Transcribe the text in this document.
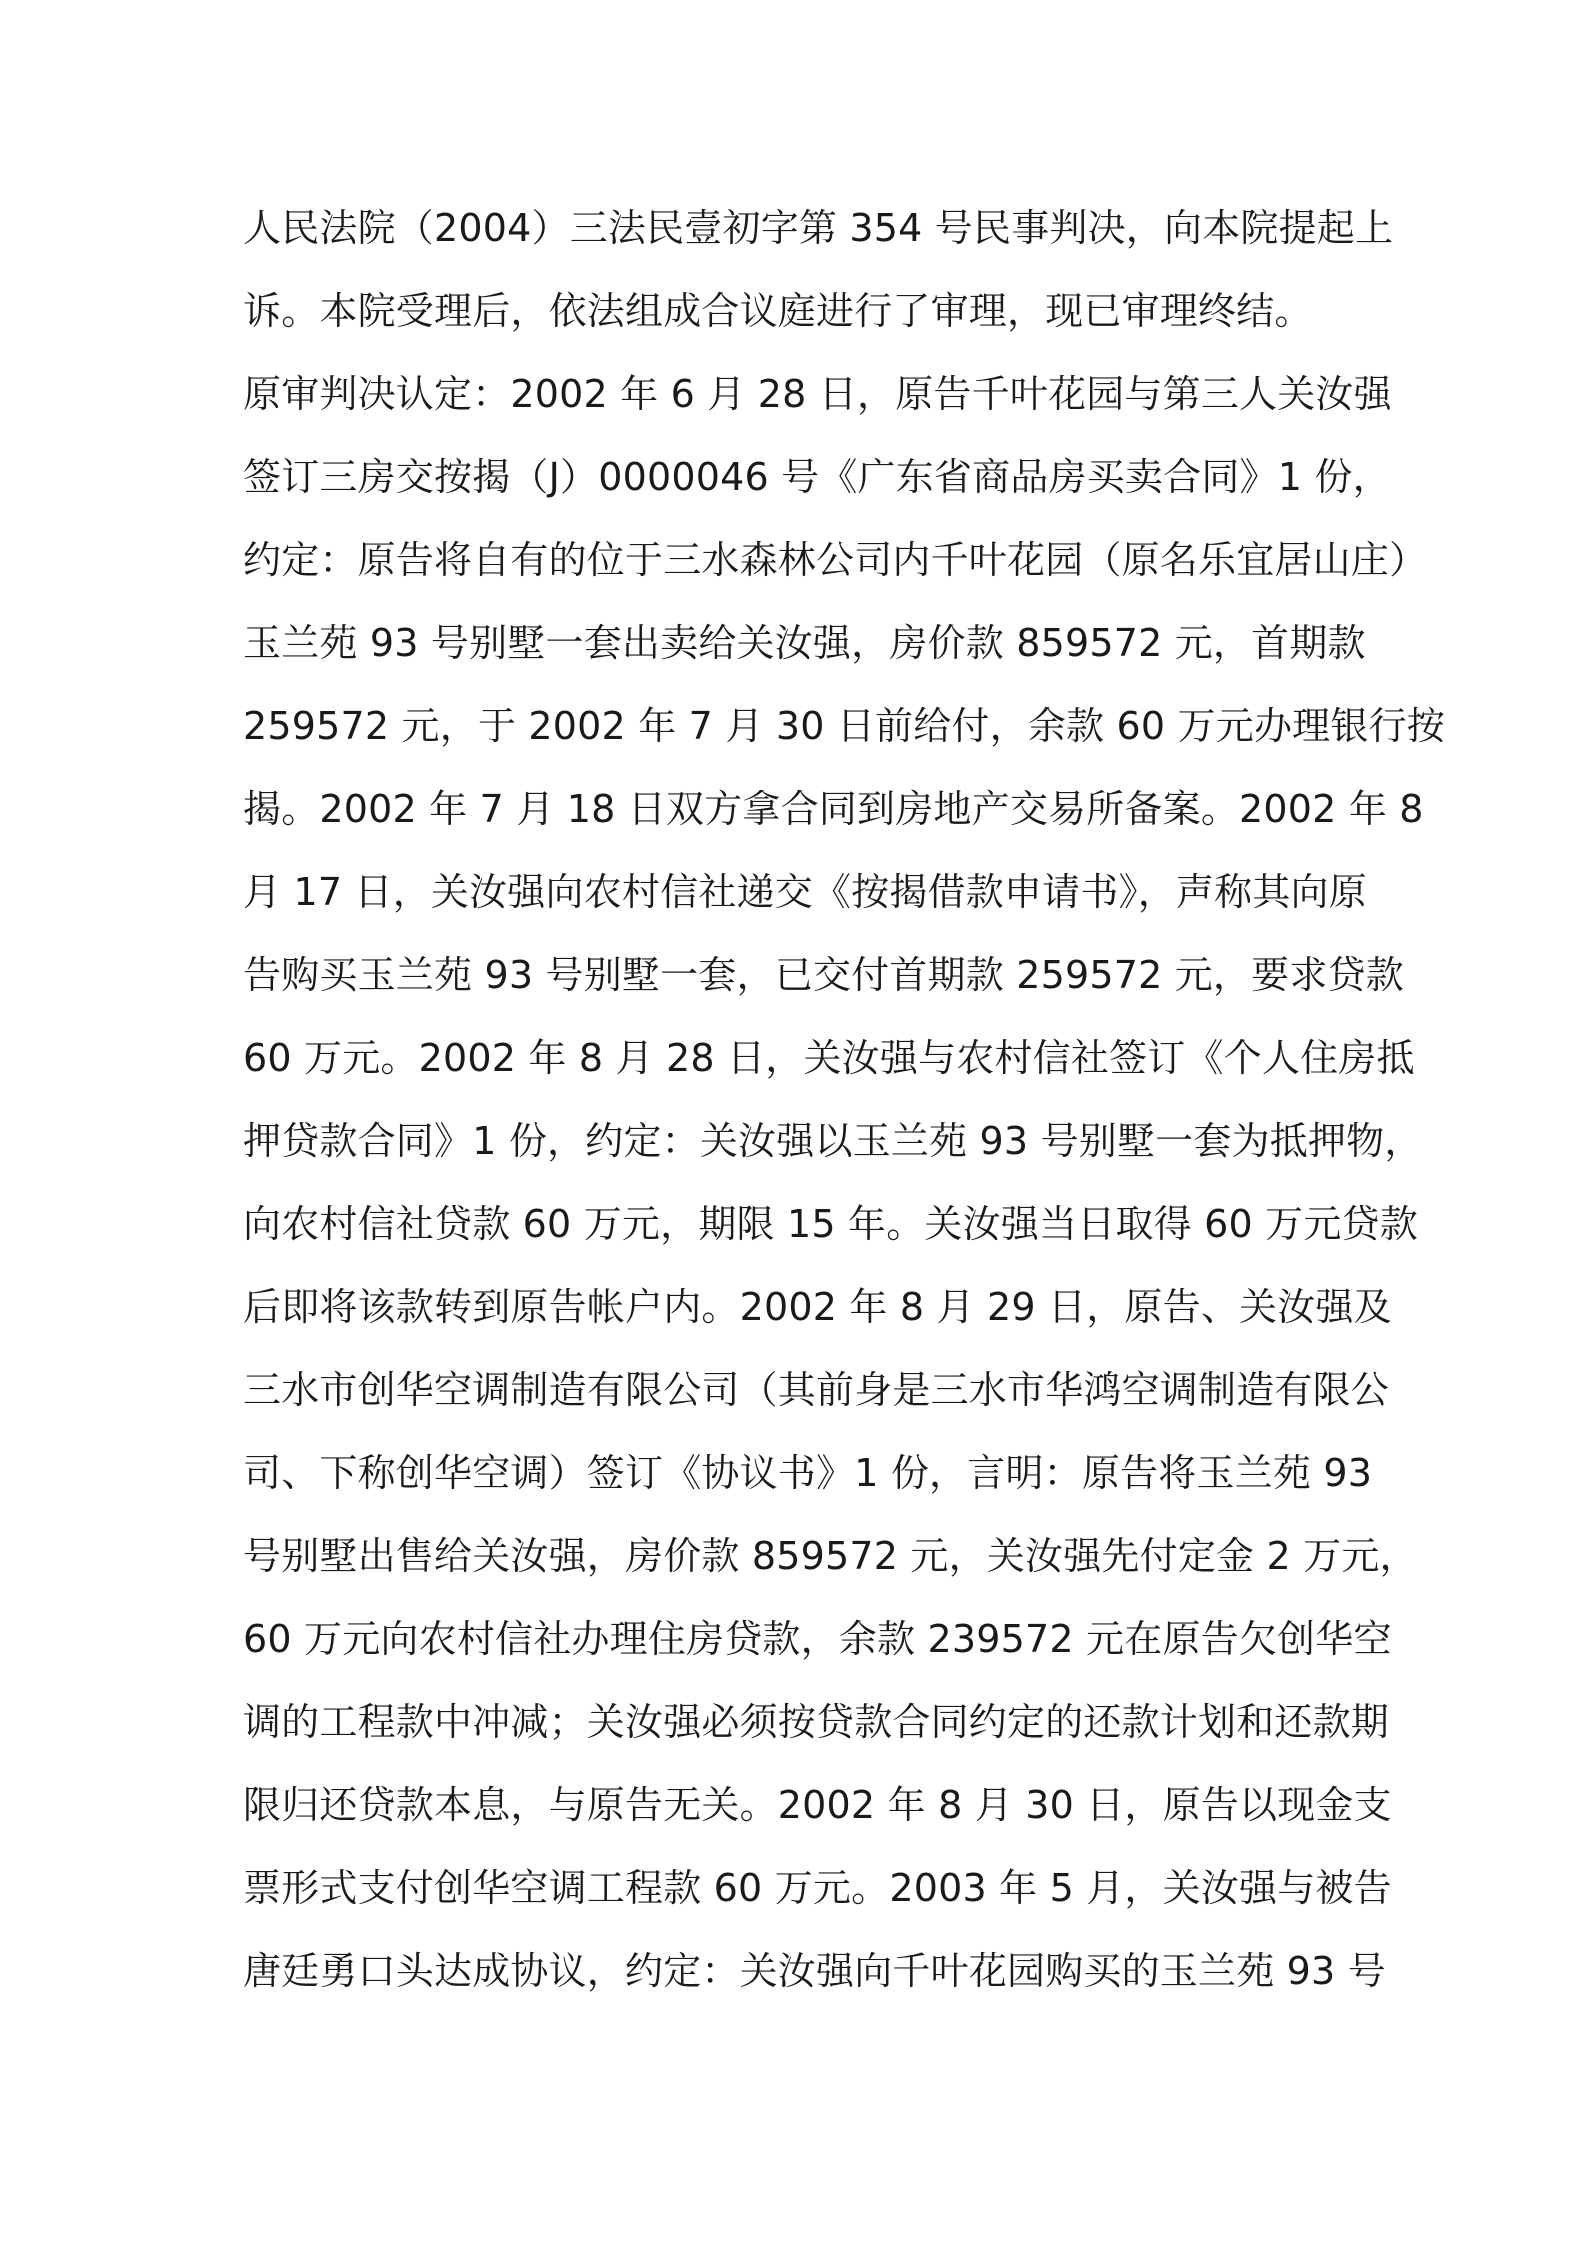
人民法院（2004）三法民壹初字第 354 号民事判决，向本院提起上
诉。本院受理后，依法组成合议庭进行了审理，现已审理终结。
原审判决认定：2002 年 6 月 28 日，原告千叶花园与第三人关汝强
签订三房交按揭（J）0000046 号《广东省商品房买卖合同》1 份，
约定：原告将自有的位于三水森林公司内千叶花园（原名乐宜居山庄）
玉兰苑 93 号别墅一套出卖给关汝强，房价款 859572 元，首期款
259572 元，于 2002 年 7 月 30 日前给付，余款 60 万元办理银行按
揭。2002 年 7 月 18 日双方拿合同到房地产交易所备案。2002 年 8
月 17 日，关汝强向农村信社递交《按揭借款申请书》，声称其向原
告购买玉兰苑 93 号别墅一套，已交付首期款 259572 元，要求贷款
60 万元。2002 年 8 月 28 日，关汝强与农村信社签订《个人住房抵
押贷款合同》1 份，约定：关汝强以玉兰苑 93 号别墅一套为抵押物，
向农村信社贷款 60 万元，期限 15 年。关汝强当日取得 60 万元贷款
后即将该款转到原告帐户内。2002 年 8 月 29 日，原告、关汝强及
三水市创华空调制造有限公司（其前身是三水市华鸿空调制造有限公
司、下称创华空调）签订《协议书》1 份，言明：原告将玉兰苑 93
号别墅出售给关汝强，房价款 859572 元，关汝强先付定金 2 万元，
60 万元向农村信社办理住房贷款，余款 239572 元在原告欠创华空
调的工程款中冲减；关汝强必须按贷款合同约定的还款计划和还款期
限归还贷款本息，与原告无关。2002 年 8 月 30 日，原告以现金支
票形式支付创华空调工程款 60 万元。2003 年 5 月，关汝强与被告
唐廷勇口头达成协议，约定：关汝强向千叶花园购买的玉兰苑 93 号
